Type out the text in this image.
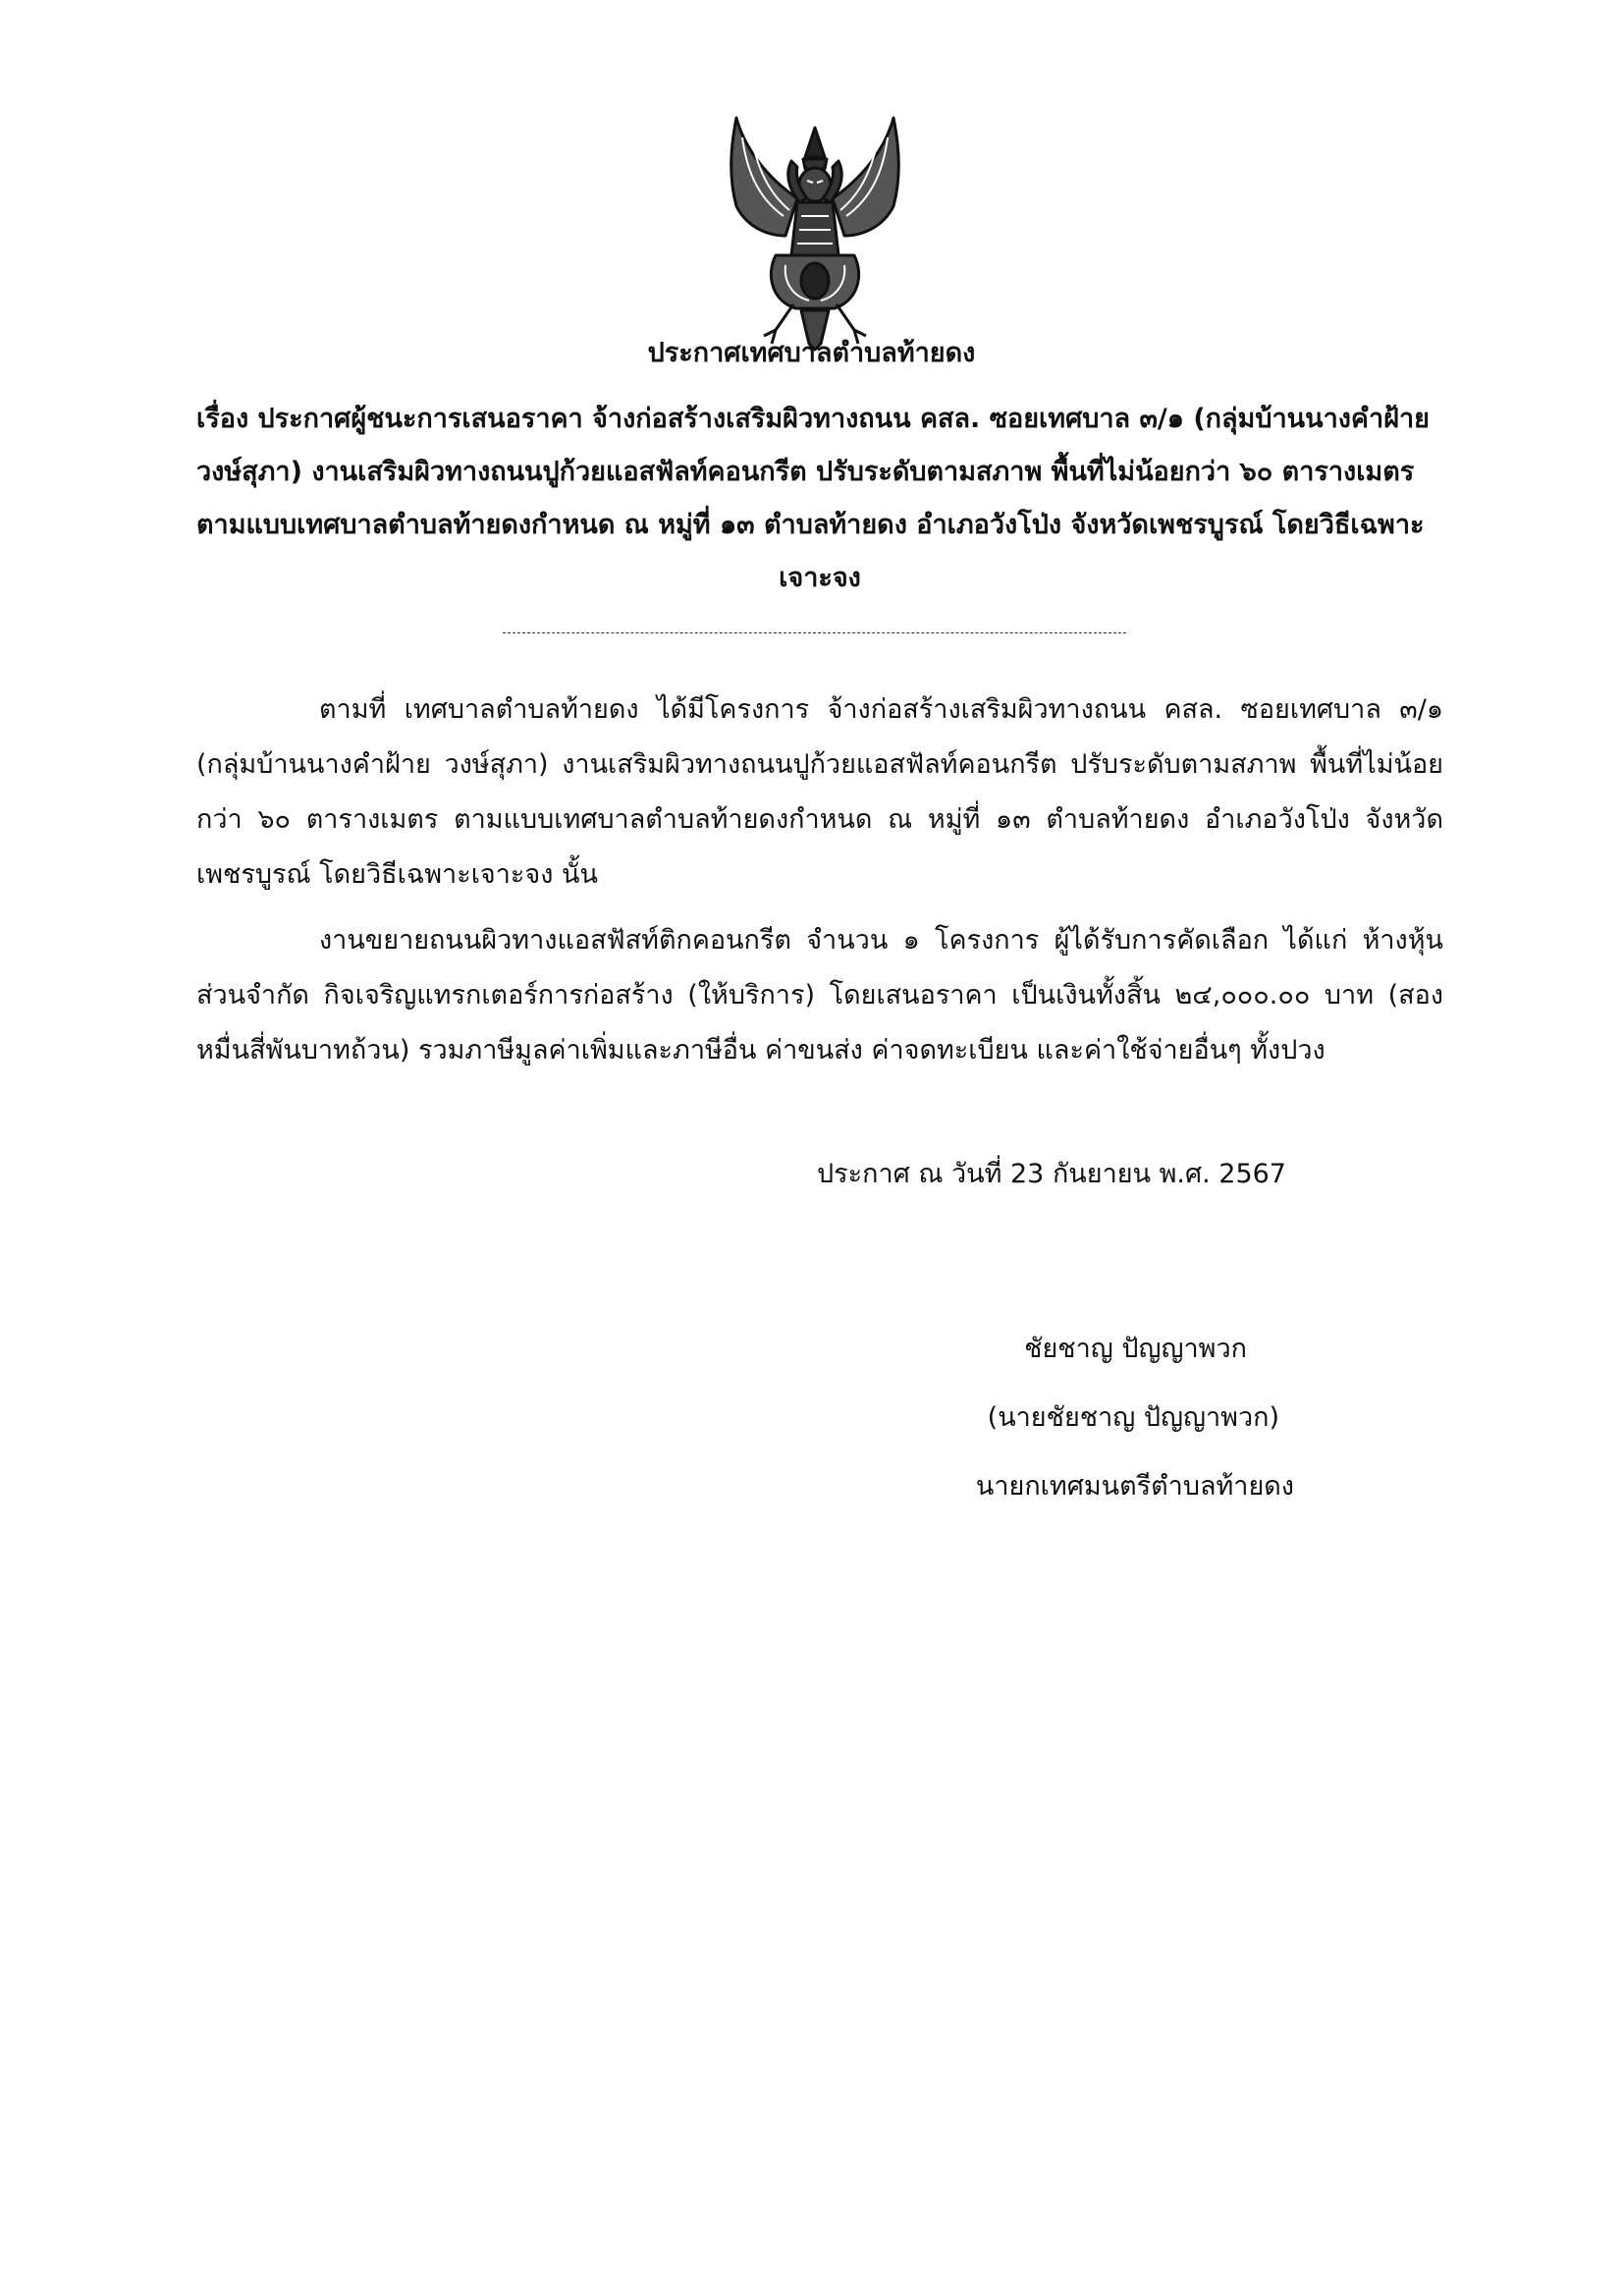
ประกาศเทศบาลตำบลท้ายดง
เรื่อง ประกาศผู้ชนะการเสนอราคา จ้างก่อสร้างเสริมผิวทางถนน คสล. ซอยเทศบาล ๓/๑ (กลุ่มบ้านนางคำฝ้าย
วงษ์สุภา) งานเสริมผิวทางถนนปูก้วยแอสฟัลท์คอนกรีต ปรับระดับตามสภาพ พื้นที่ไม่น้อยกว่า ๖๐ ตารางเมตร
ตามแบบเทศบาลตำบลท้ายดงกำหนด ณ หมู่ที่ ๑๓ ตำบลท้ายดง อำเภอวังโป่ง จังหวัดเพชรบูรณ์ โดยวิธีเฉพาะ

เจาะจง
ตามที่ เทศบาลตำบลท้ายดง ได้มีโครงการ จ้างก่อสร้างเสริมผิวทางถนน คสล. ซอยเทศบาล ๓/๑ (กลุ่มบ้านนางคำฝ้าย วงษ์สุภา) งานเสริมผิวทางถนนปูก้วยแอสฟัลท์คอนกรีต ปรับระดับตามสภาพ พื้นที่ไม่น้อยกว่า ๖๐ ตารางเมตร ตามแบบเทศบาลตำบลท้ายดงกำหนด ณ หมู่ที่ ๑๓ ตำบลท้ายดง อำเภอวังโป่ง จังหวัดเพชรบูรณ์ โดยวิธีเฉพาะเจาะจง นั้น
งานขยายถนนผิวทางแอสฟัสท์ติกคอนกรีต จำนวน ๑ โครงการ ผู้ได้รับการคัดเลือก ได้แก่ ห้างหุ้นส่วนจำกัด กิจเจริญแทรกเตอร์การก่อสร้าง (ให้บริการ) โดยเสนอราคา เป็นเงินทั้งสิ้น ๒๔,๐๐๐.๐๐ บาท (สองหมื่นสี่พันบาทถ้วน) รวมภาษีมูลค่าเพิ่มและภาษีอื่น ค่าขนส่ง ค่าจดทะเบียน และค่าใช้จ่ายอื่นๆ ทั้งปวง
ประกาศ ณ วันที่ 23 กันยายน พ.ศ. 2567
ชัยชาญ ปัญญาพวก
(นายชัยชาญ ปัญญาพวก)
นายกเทศมนตรีตำบลท้ายดง
